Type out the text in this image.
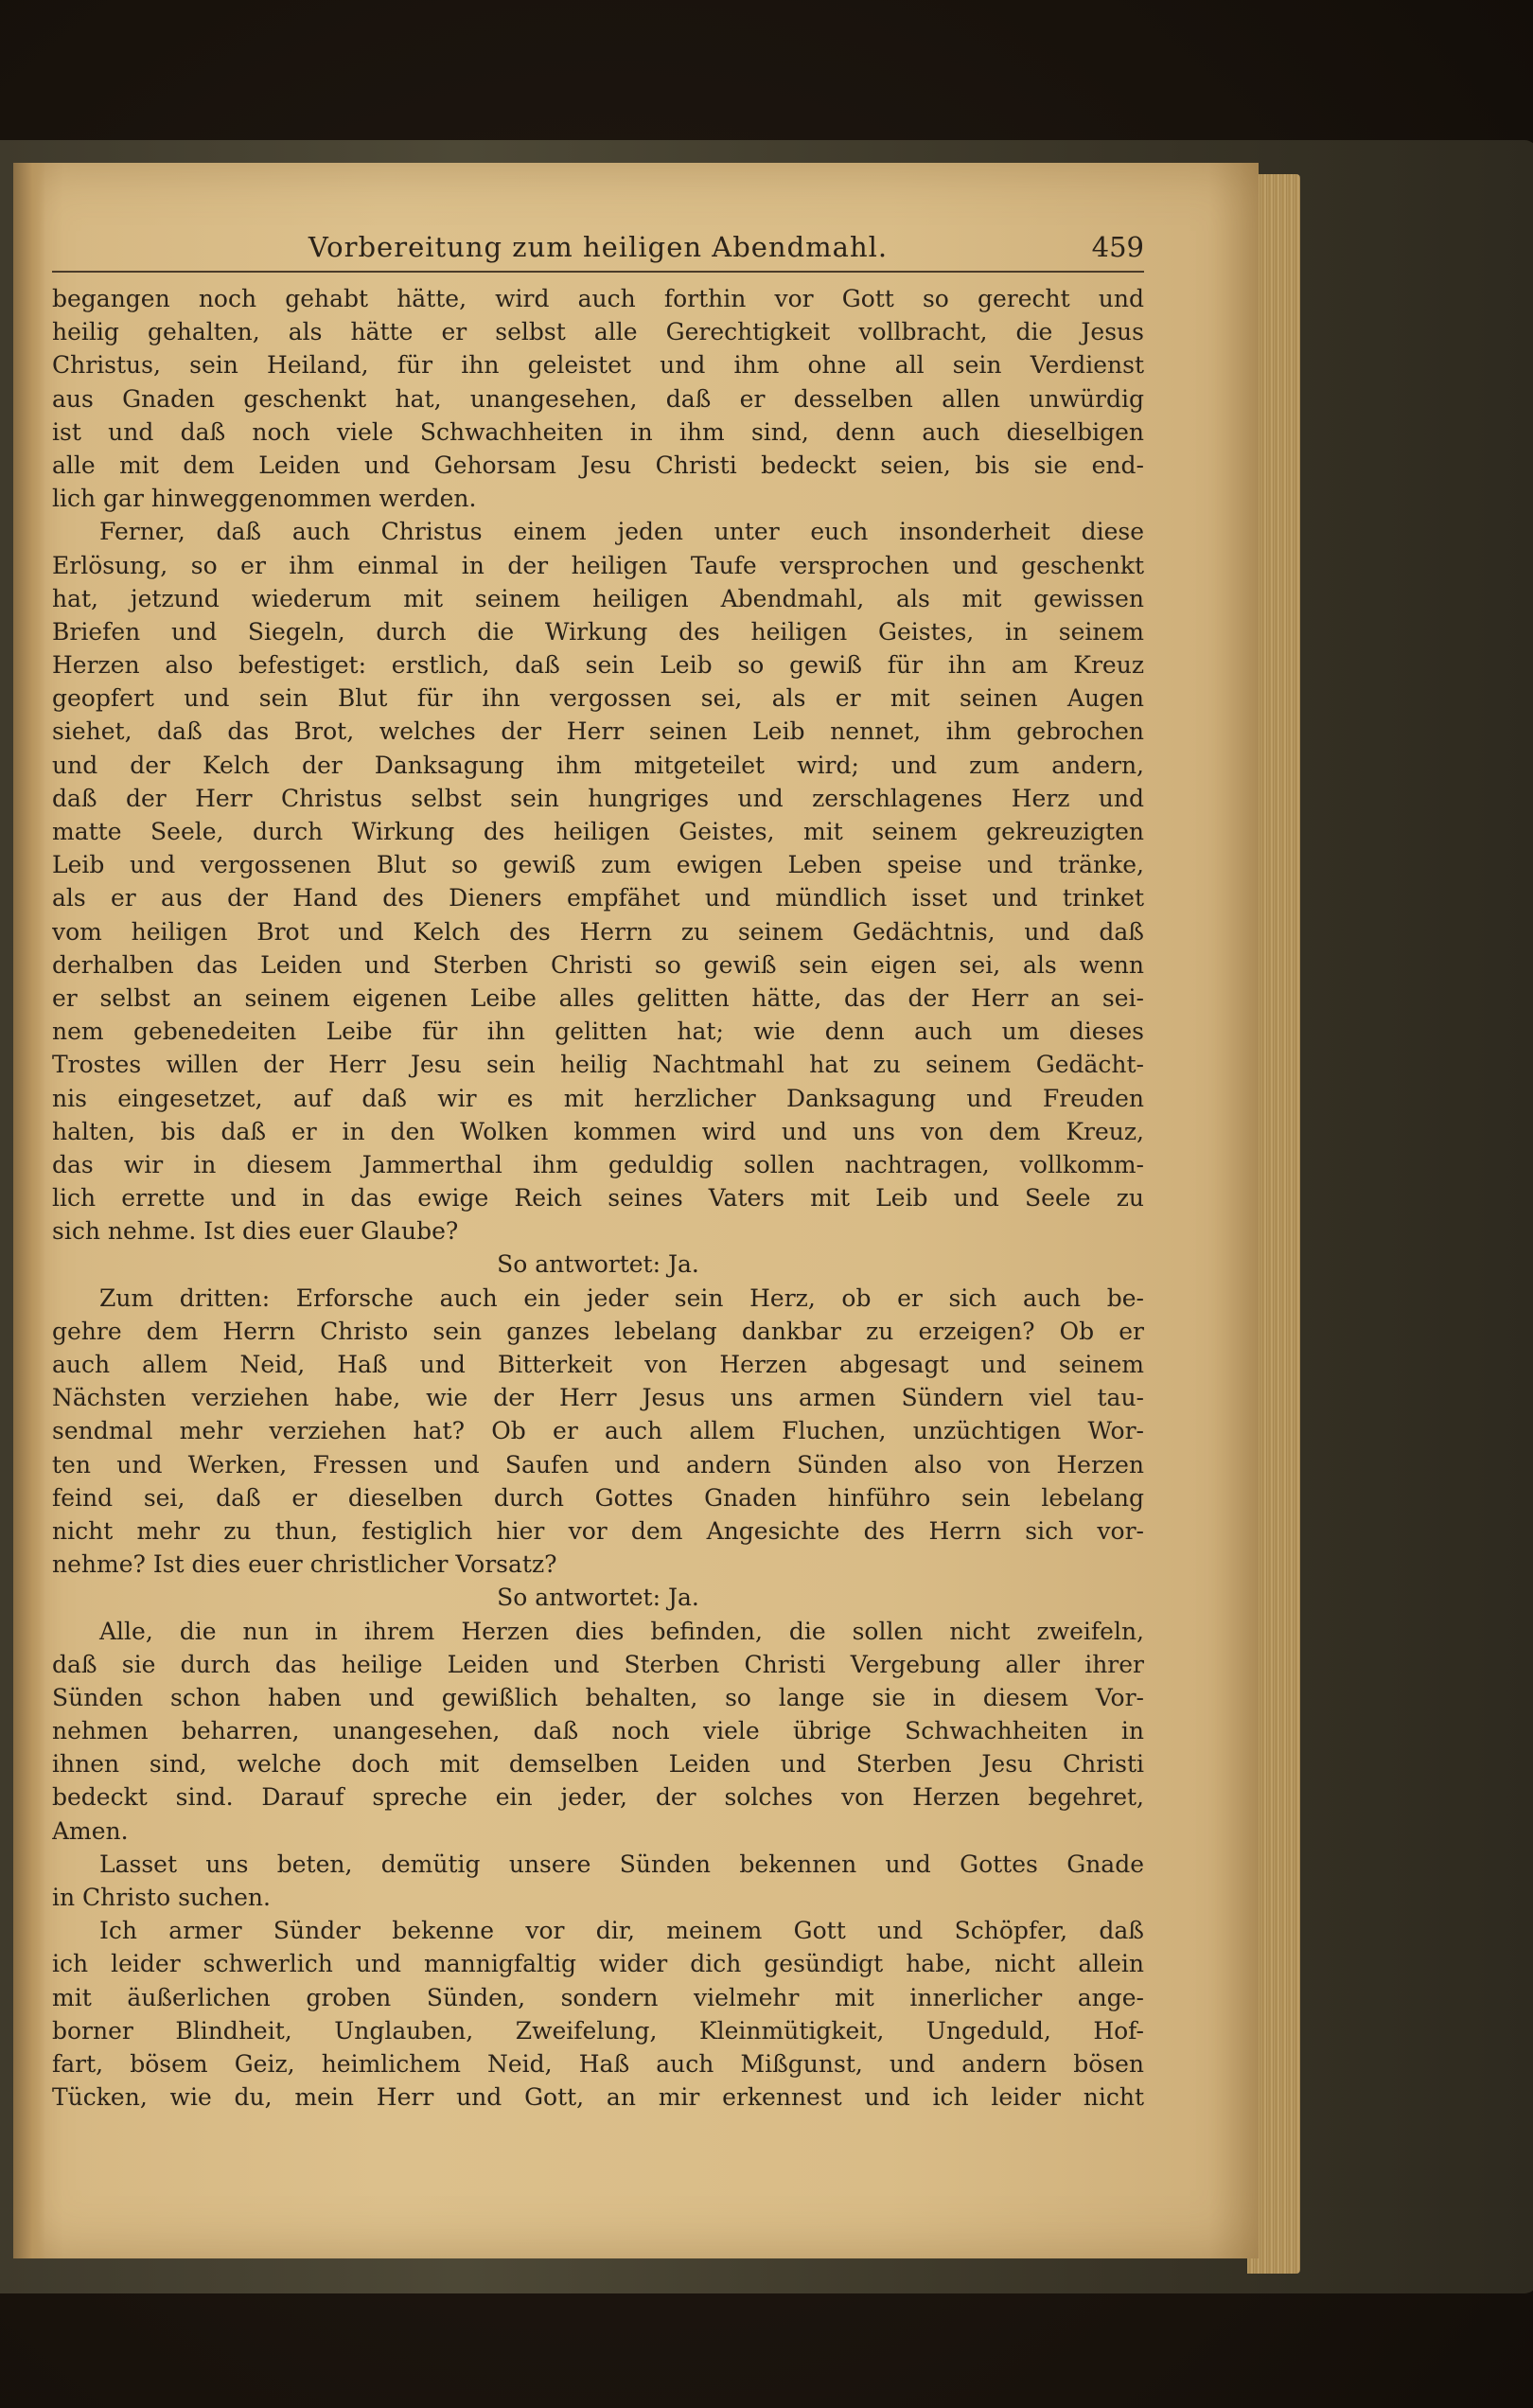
Vorbereitung zum heiligen Abendmahl.	459
begangen noch gehabt hätte, wird auch forthin vor Gott so gerecht und
heilig gehalten, als hätte er selbst alle Gerechtigkeit vollbracht, die Jesus
Christus, sein Heiland, für ihn geleistet und ihm ohne all sein Verdienst
aus Gnaden geschenkt hat, unangesehen, daß er desselben allen unwürdig
ist und daß noch viele Schwachheiten in ihm sind, denn auch dieselbigen
alle mit dem Leiden und Gehorsam Jesu Christi bedeckt seien, bis sie end-
lich gar hinweggenommen werden.
Ferner, daß auch Christus einem jeden unter euch insonderheit diese
Erlösung, so er ihm einmal in der heiligen Taufe versprochen und geschenkt
hat, jetzund wiederum mit seinem heiligen Abendmahl, als mit gewissen
Briefen und Siegeln, durch die Wirkung des heiligen Geistes, in seinem
Herzen also befestiget: erstlich, daß sein Leib so gewiß für ihn am Kreuz
geopfert und sein Blut für ihn vergossen sei, als er mit seinen Augen
siehet, daß das Brot, welches der Herr seinen Leib nennet, ihm gebrochen
und der Kelch der Danksagung ihm mitgeteilet wird; und zum andern,
daß der Herr Christus selbst sein hungriges und zerschlagenes Herz und
matte Seele, durch Wirkung des heiligen Geistes, mit seinem gekreuzigten
Leib und vergossenen Blut so gewiß zum ewigen Leben speise und tränke,
als er aus der Hand des Dieners empfähet und mündlich isset und trinket
vom heiligen Brot und Kelch des Herrn zu seinem Gedächtnis, und daß
derhalben das Leiden und Sterben Christi so gewiß sein eigen sei, als wenn
er selbst an seinem eigenen Leibe alles gelitten hätte, das der Herr an sei-
nem gebenedeiten Leibe für ihn gelitten hat; wie denn auch um dieses
Trostes willen der Herr Jesu sein heilig Nachtmahl hat zu seinem Gedächt-
nis eingesetzet, auf daß wir es mit herzlicher Danksagung und Freuden
halten, bis daß er in den Wolken kommen wird und uns von dem Kreuz,
das wir in diesem Jammerthal ihm geduldig sollen nachtragen, vollkomm-
lich errette und in das ewige Reich seines Vaters mit Leib und Seele zu
sich nehme. Ist dies euer Glaube?
So antwortet: Ja.
Zum dritten: Erforsche auch ein jeder sein Herz, ob er sich auch be-
gehre dem Herrn Christo sein ganzes lebelang dankbar zu erzeigen? Ob er
auch allem Neid, Haß und Bitterkeit von Herzen abgesagt und seinem
Nächsten verziehen habe, wie der Herr Jesus uns armen Sündern viel tau-
sendmal mehr verziehen hat? Ob er auch allem Fluchen, unzüchtigen Wor-
ten und Werken, Fressen und Saufen und andern Sünden also von Herzen
feind sei, daß er dieselben durch Gottes Gnaden hinführo sein lebelang
nicht mehr zu thun, festiglich hier vor dem Angesichte des Herrn sich vor-
nehme? Ist dies euer christlicher Vorsatz?
So antwortet: Ja.
Alle, die nun in ihrem Herzen dies befinden, die sollen nicht zweifeln,
daß sie durch das heilige Leiden und Sterben Christi Vergebung aller ihrer
Sünden schon haben und gewißlich behalten, so lange sie in diesem Vor-
nehmen beharren, unangesehen, daß noch viele übrige Schwachheiten in
ihnen sind, welche doch mit demselben Leiden und Sterben Jesu Christi
bedeckt sind. Darauf spreche ein jeder, der solches von Herzen begehret,
Amen.
Lasset uns beten, demütig unsere Sünden bekennen und Gottes Gnade
in Christo suchen.
Ich armer Sünder bekenne vor dir, meinem Gott und Schöpfer, daß
ich leider schwerlich und mannigfaltig wider dich gesündigt habe, nicht allein
mit äußerlichen groben Sünden, sondern vielmehr mit innerlicher ange-
borner Blindheit, Unglauben, Zweifelung, Kleinmütigkeit, Ungeduld, Hof-
fart, bösem Geiz, heimlichem Neid, Haß auch Mißgunst, und andern bösen
Tücken, wie du, mein Herr und Gott, an mir erkennest und ich leider nicht
